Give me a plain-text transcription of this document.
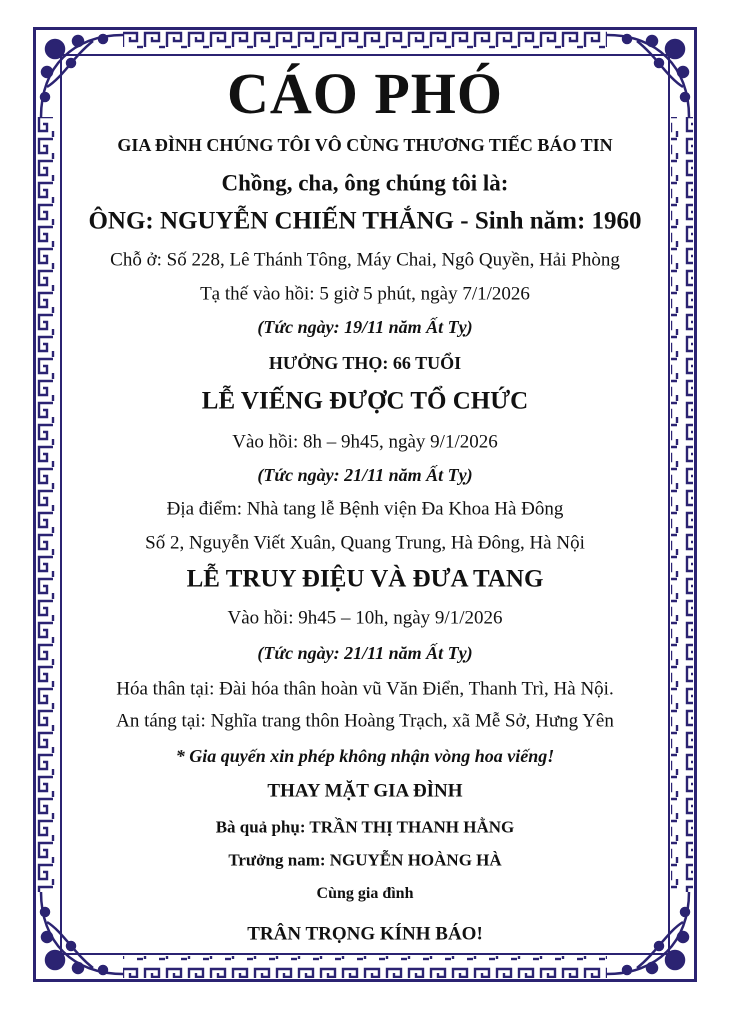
CÁO PHÓ
GIA ĐÌNH CHÚNG TÔI VÔ CÙNG THƯƠNG TIẾC BÁO TIN
Chồng, cha, ông chúng tôi là:
ÔNG: NGUYỄN CHIẾN THẮNG - Sinh năm: 1960
Chỗ ở: Số 228, Lê Thánh Tông, Máy Chai, Ngô Quyền, Hải Phòng
Tạ thế vào hồi: 5 giờ 5 phút, ngày 7/1/2026
(Tức ngày: 19/11 năm Ất Tỵ)
HƯỞNG THỌ: 66 TUỔI
LỄ VIẾNG ĐƯỢC TỔ CHỨC
Vào hồi: 8h – 9h45, ngày 9/1/2026
(Tức ngày: 21/11 năm Ất Tỵ)
Địa điểm: Nhà tang lễ Bệnh viện Đa Khoa Hà Đông
Số 2, Nguyễn Viết Xuân, Quang Trung, Hà Đông, Hà Nội
LỄ TRUY ĐIỆU VÀ ĐƯA TANG
Vào hồi: 9h45 – 10h, ngày 9/1/2026
(Tức ngày: 21/11 năm Ất Tỵ)
Hóa thân tại: Đài hóa thân hoàn vũ Văn Điển, Thanh Trì, Hà Nội.
An táng tại: Nghĩa trang thôn Hoàng Trạch, xã Mễ Sở, Hưng Yên
* Gia quyến xin phép không nhận vòng hoa viếng!
THAY MẶT GIA ĐÌNH
Bà quả phụ: TRẦN THỊ THANH HẰNG
Trưởng nam: NGUYỄN HOÀNG HÀ
Cùng gia đình
TRÂN TRỌNG KÍNH BÁO!
